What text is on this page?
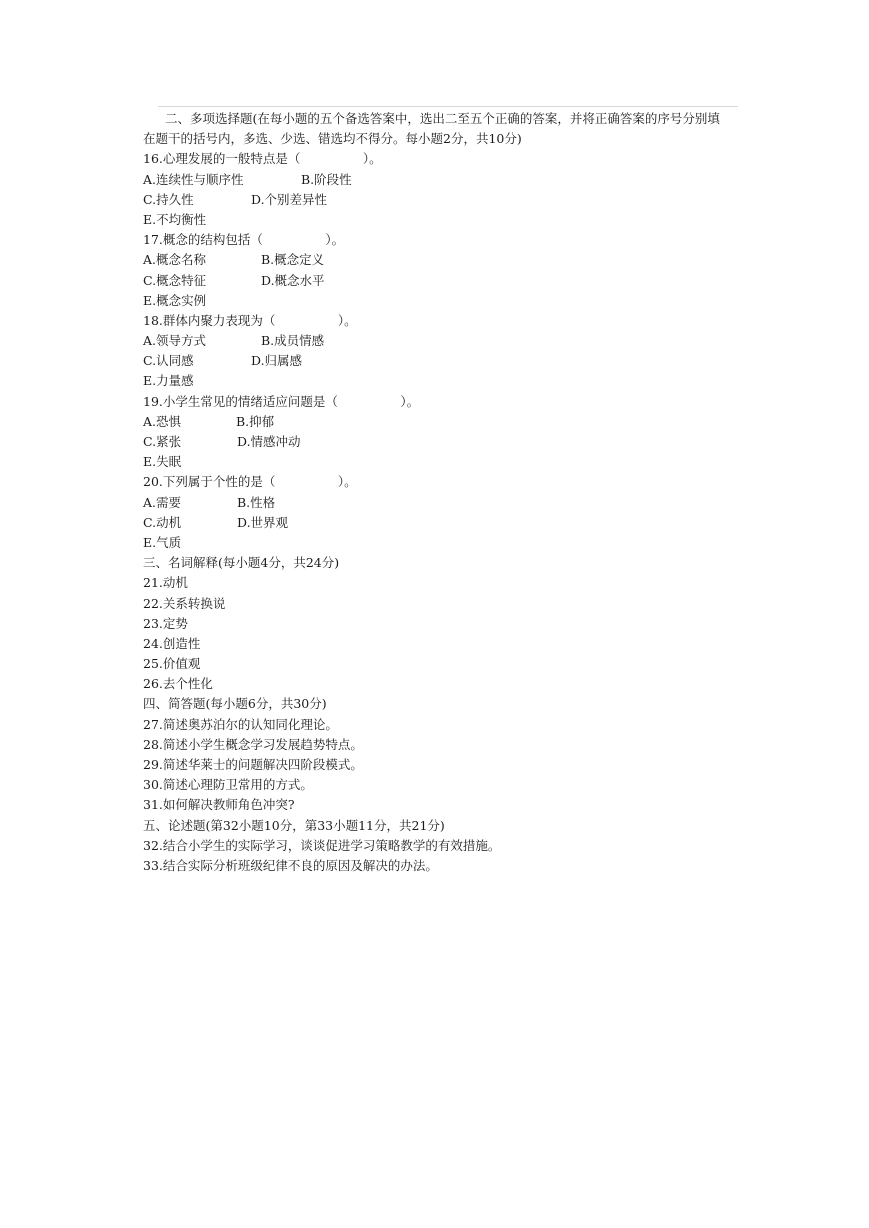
二、多项选择题(在每小题的五个备选答案中，选出二至五个正确的答案，并将正确答案的序号分别填
在题干的括号内，多选、少选、错选均不得分。每小题2分，共10分)
16.心理发展的一般特点是（　　　　　）。
A.连续性与顺序性	B.阶段性
C.持久性	D.个别差异性
E.不均衡性
17.概念的结构包括（　　　　　）。
A.概念名称	B.概念定义
C.概念特征	D.概念水平
E.概念实例
18.群体内聚力表现为（　　　　　）。
A.领导方式	B.成员情感
C.认同感	D.归属感
E.力量感
19.小学生常见的情绪适应问题是（　　　　　）。
A.恐惧	B.抑郁
C.紧张	D.情感冲动
E.失眠
20.下列属于个性的是（　　　　　）。
A.需要	B.性格
C.动机	D.世界观
E.气质
三、名词解释(每小题4分，共24分)
21.动机
22.关系转换说
23.定势
24.创造性
25.价值观
26.去个性化
四、简答题(每小题6分，共30分)
27.简述奥苏泊尔的认知同化理论。
28.简述小学生概念学习发展趋势特点。
29.简述华莱士的问题解决四阶段模式。
30.简述心理防卫常用的方式。
31.如何解决教师角色冲突?
五、论述题(第32小题10分，第33小题11分，共21分)
32.结合小学生的实际学习，谈谈促进学习策略教学的有效措施。
33.结合实际分析班级纪律不良的原因及解决的办法。
